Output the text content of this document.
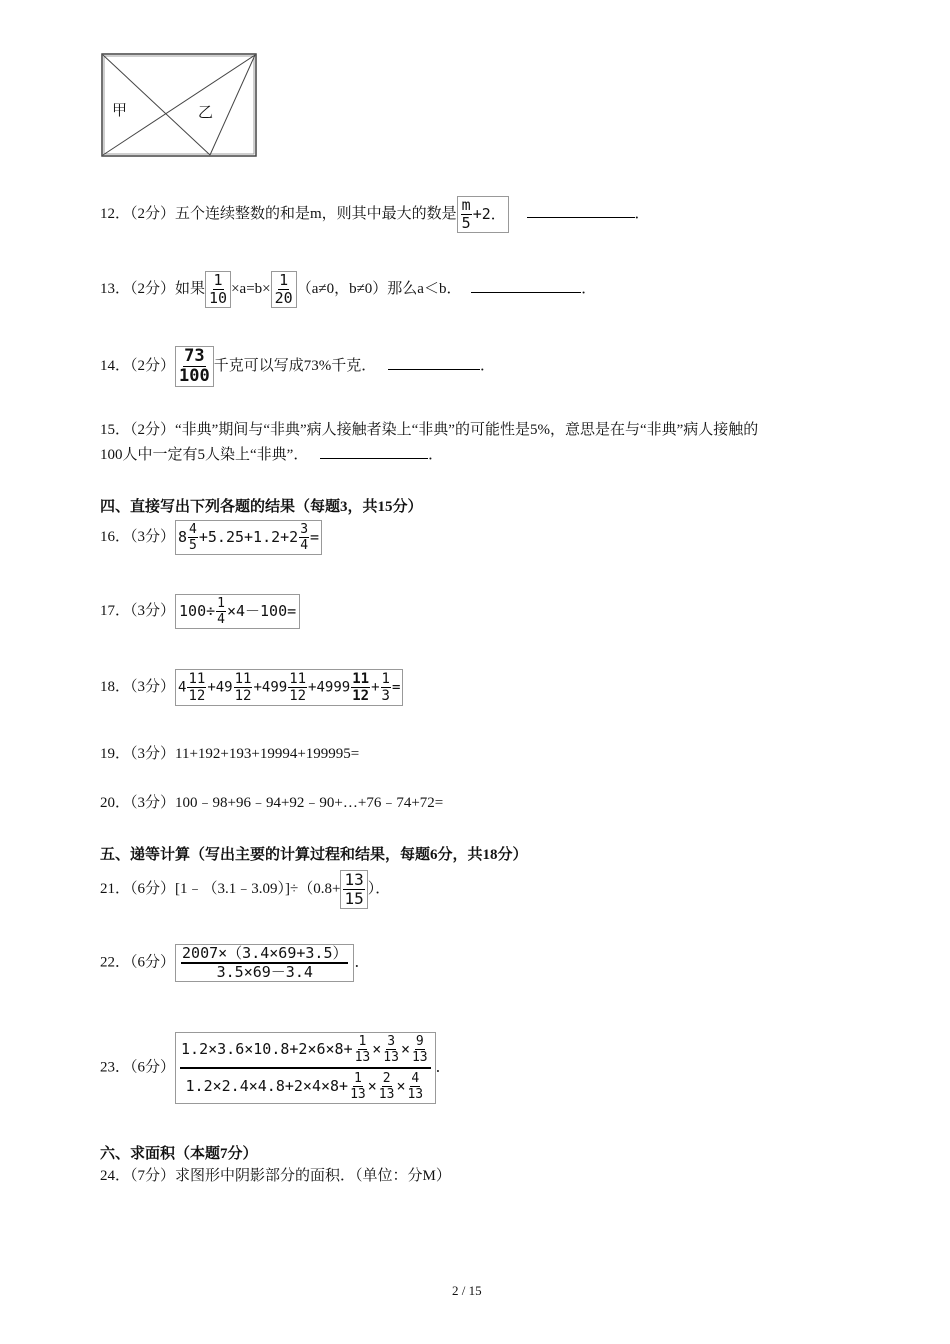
甲	乙
12．（2分）五个连续整数的和是m，则其中最大的数是 $\frac{m}{5} +2$．	．
13．（2分）如果 $\frac{1}{10} \times a=b\times \frac{1}{20} (a\ne 0$，b≠0）那么a＜b．	．
14．（2分） $\frac{73}{100}$ 千克可以写成73%千克．	．
15．（2分）“非典”期间与“非典”病人接触者染上“非典”的可能性是5%，意思是在与“非典”病人接触的
100人中一定有5人染上“非典”．	．
四、直接写出下列各题的结果（每题3，共15分）
16．（3分） $8 \frac{4}{5} +5.25+1.2+2 \frac{3}{4}$ =
17．（3分） $100\div \frac{1}{4} \times 4-100=$
18．（3分） $4 \frac{11}{12} +49 \frac{11}{12} +499 \frac{11}{12} +4999 \frac{11}{12} + \frac{1}{3}$ =
19．（3分）11+192+193+19994+199995=
20．（3分）100﹣98+96﹣94+92﹣90+…+76﹣74+72=
五、递等计算（写出主要的计算过程和结果，每题6分，共18分）
21．（6分）[1﹣（3.1﹣3.09）]÷（0.8+ $\frac{13}{15}$ ）．
22．（6分） $\frac{2007\times(3.4\times 69+3.5)}{3.5\times 69-3.4}$ ．
23．（6分） $\frac{1.2\times 3.6\times 10.8+2\times 6\times 8+ \frac{1}{13} \times \frac{3}{13} \times \frac{9}{13}}{1.2\times 2.4\times 4.8+2\times 4\times 8+ \frac{1}{13} \times \frac{2}{13} \times \frac{4}{13}}$ ．
六、求面积（本题7分）
24．（7分）求图形中阴影部分的面积．（单位：分M）
2 / 15
